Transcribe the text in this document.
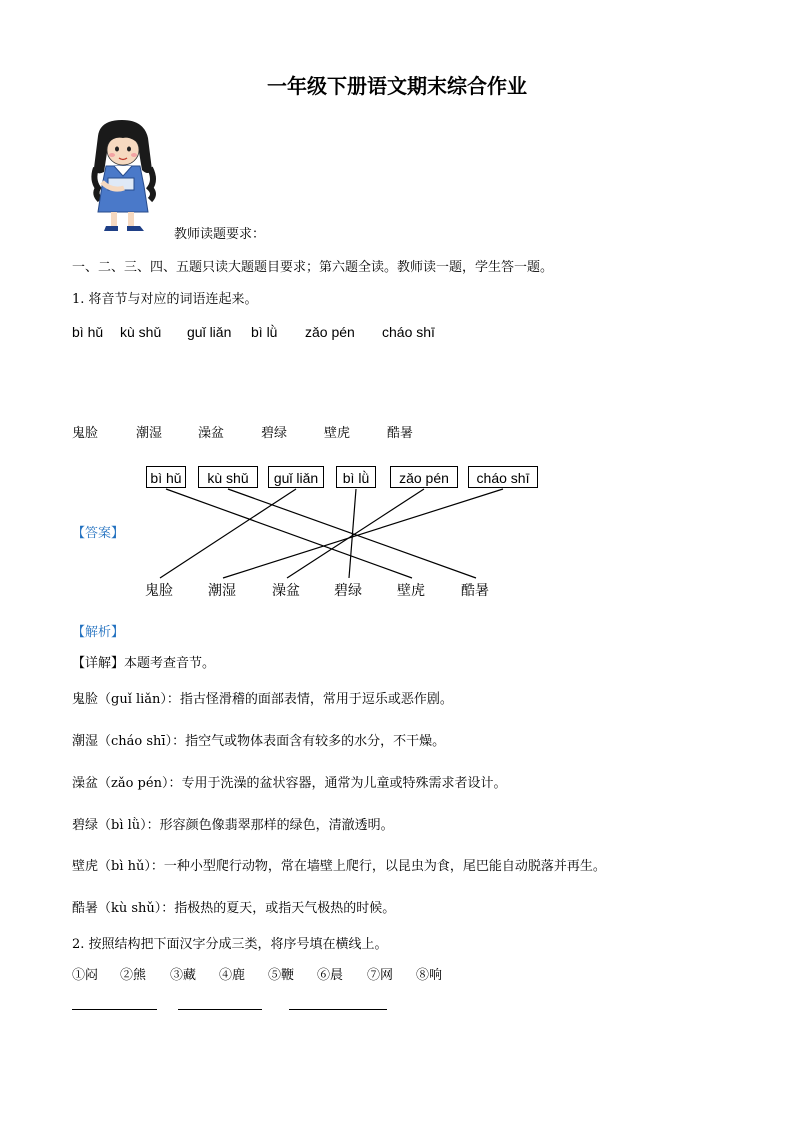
一年级下册语文期末综合作业
教师读题要求：
一、二、三、四、五题只读大题题目要求；第六题全读。教师读一题，学生答一题。
1. 将音节与对应的词语连起来。
bì hǔ kù shǔ guǐ liǎn bì lǜ zǎo pén cháo shī
鬼脸	潮湿	澡盆	碧绿	壁虎	酷暑
【答案】
bì hǔ	kù shǔ	guǐ liǎn	bì lǜ	zǎo pén	cháo shī
鬼脸	潮湿	澡盆 碧绿	壁虎	酷暑
【解析】
【详解】本题考查音节。
鬼脸（guǐ liǎn）：指古怪滑稽的面部表情，常用于逗乐或恶作剧。
潮湿（cháo shī）：指空气或物体表面含有较多的水分，不干燥。
澡盆（zǎo pén）：专用于洗澡的盆状容器，通常为儿童或特殊需求者设计。
碧绿（bì lǜ）：形容颜色像翡翠那样的绿色，清澈透明。
壁虎（bì hǔ）：一种小型爬行动物，常在墙壁上爬行，以昆虫为食，尾巴能自动脱落并再生。
酷暑（kù shǔ）：指极热的夏天，或指天气极热的时候。
2. 按照结构把下面汉字分成三类，将序号填在横线上。
①闷 ②熊 ③藏 ④鹿 ⑤鞭 ⑥晨 ⑦网 ⑧响
